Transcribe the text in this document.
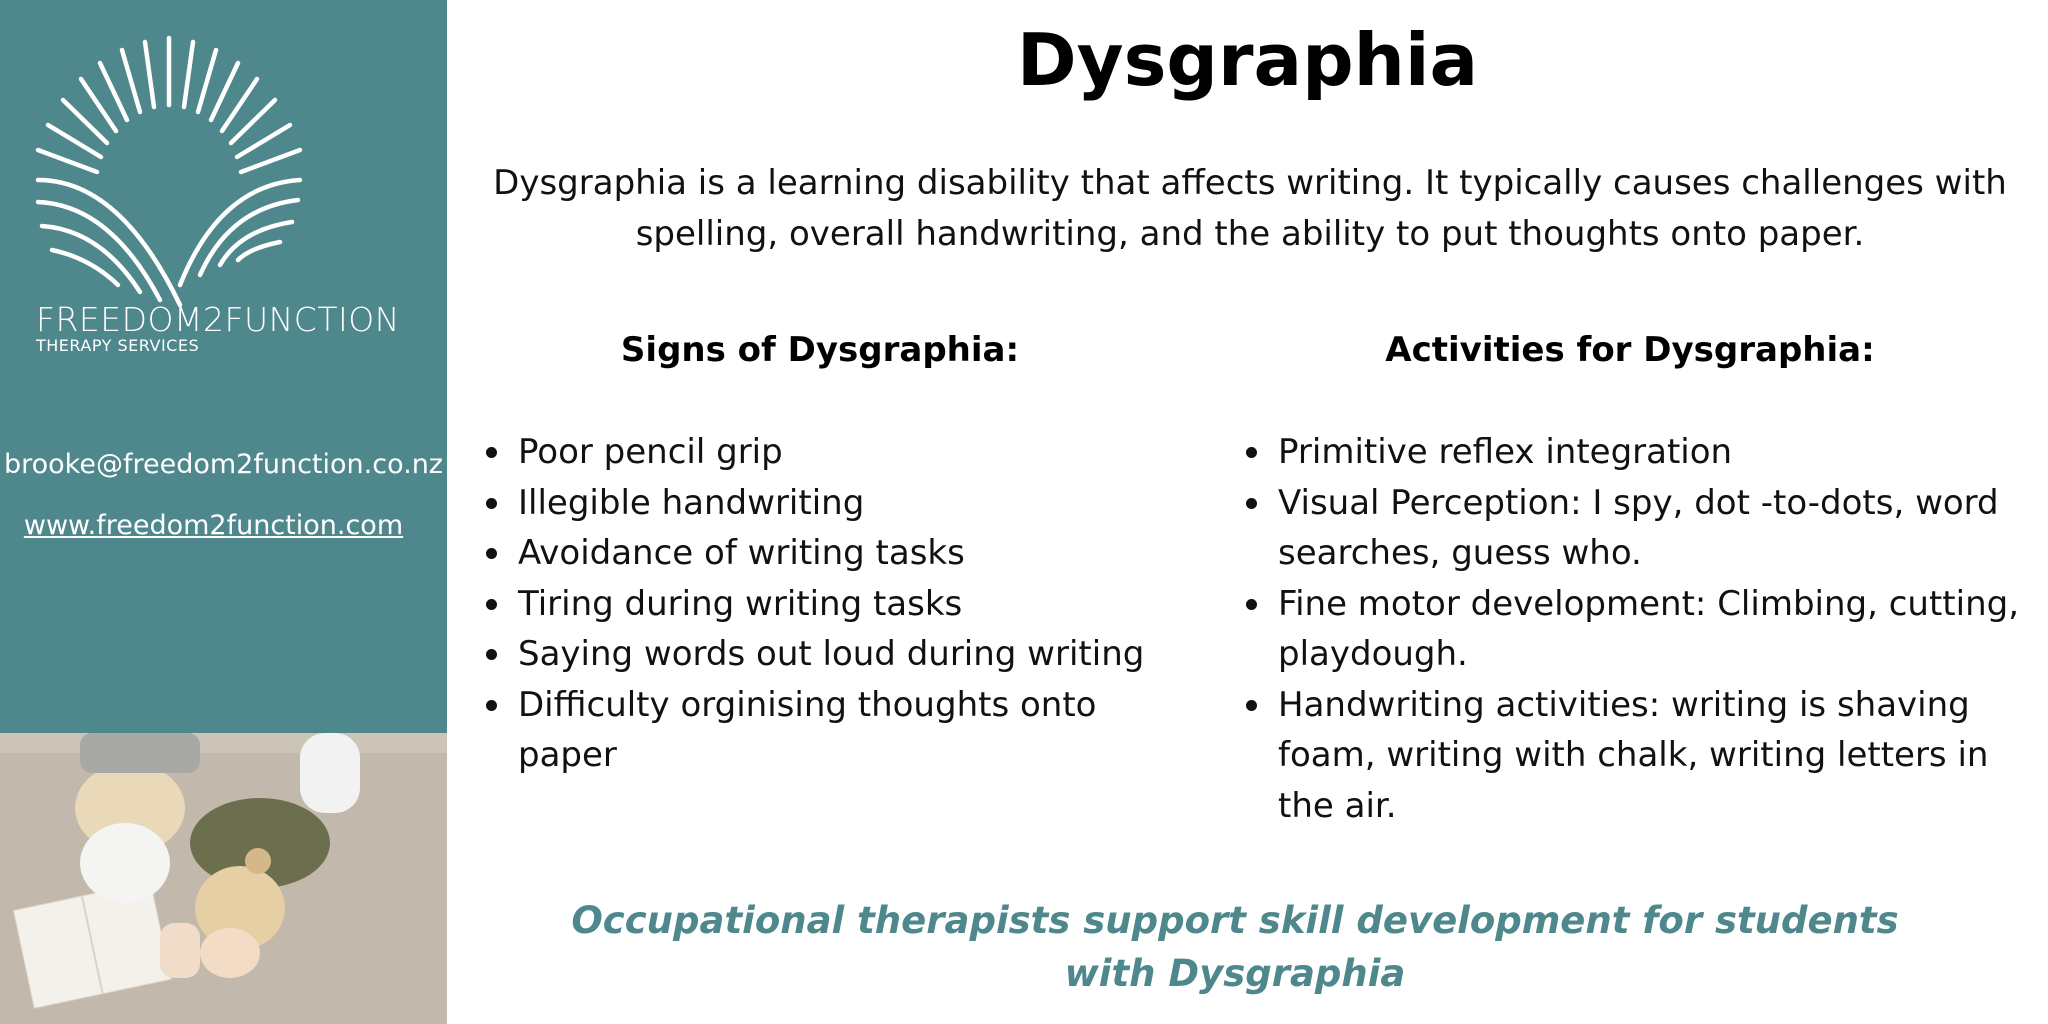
FREEDOM2FUNCTION
THERAPY SERVICES
brooke@freedom2function.co.nz
www.freedom2function.com
Dysgraphia
Dysgraphia is a learning disability that affects writing. It typically causes challenges with spelling, overall handwriting, and the ability to put thoughts onto paper.
Signs of Dysgraphia:	Activities for Dysgraphia:
Poor pencil grip
Illegible handwriting
Avoidance of writing tasks
Tiring during writing tasks
Saying words out loud during writing
Difficulty orginising thoughts onto paper
Primitive reflex integration
Visual Perception: I spy, dot -to-dots, word searches, guess who.
Fine motor development: Climbing, cutting, playdough.
Handwriting activities: writing is shaving foam, writing with chalk, writing letters in the air.
Occupational therapists support skill development for students with Dysgraphia
